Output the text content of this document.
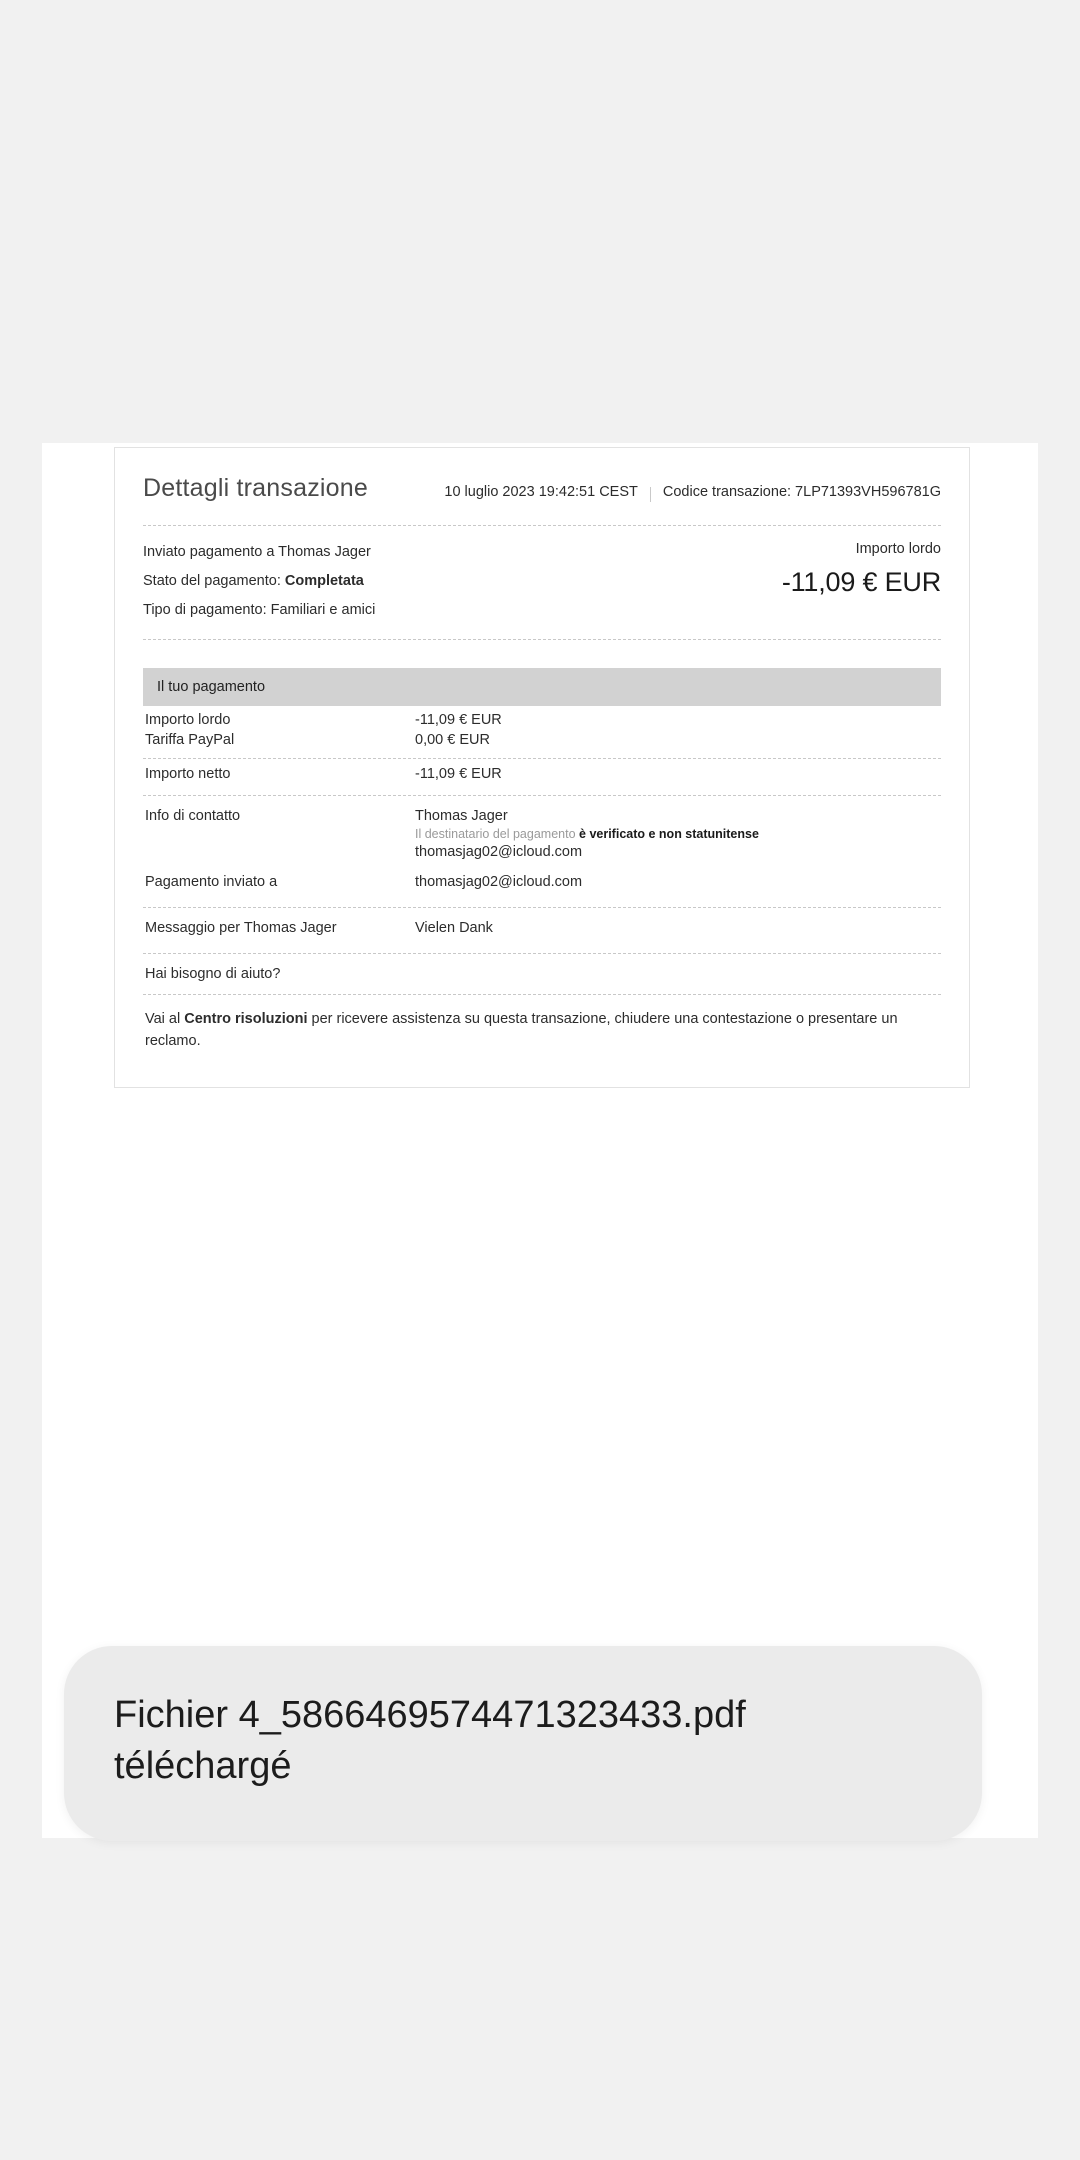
Dettagli transazione	10 luglio 2023 19:42:51 CEST Codice transazione: 7LP71393VH596781G
Inviato pagamento a Thomas Jager
Stato del pagamento: Completata
Tipo di pagamento: Familiari e amici
Importo lordo
-11,09 € EUR
Il tuo pagamento
Importo lordo	-11,09 € EUR
Tariffa PayPal	0,00 € EUR
Importo netto	-11,09 € EUR
Info di contatto	Thomas Jager
Il destinatario del pagamento è verificato e non statunitense
thomasjag02@icloud.com
Pagamento inviato a	thomasjag02@icloud.com
Messaggio per Thomas Jager	Vielen Dank
Hai bisogno di aiuto?
Vai al Centro risoluzioni per ricevere assistenza su questa transazione, chiudere una contestazione o presentare un reclamo.
Fichier 4_5866469574471323433.pdf téléchargé
